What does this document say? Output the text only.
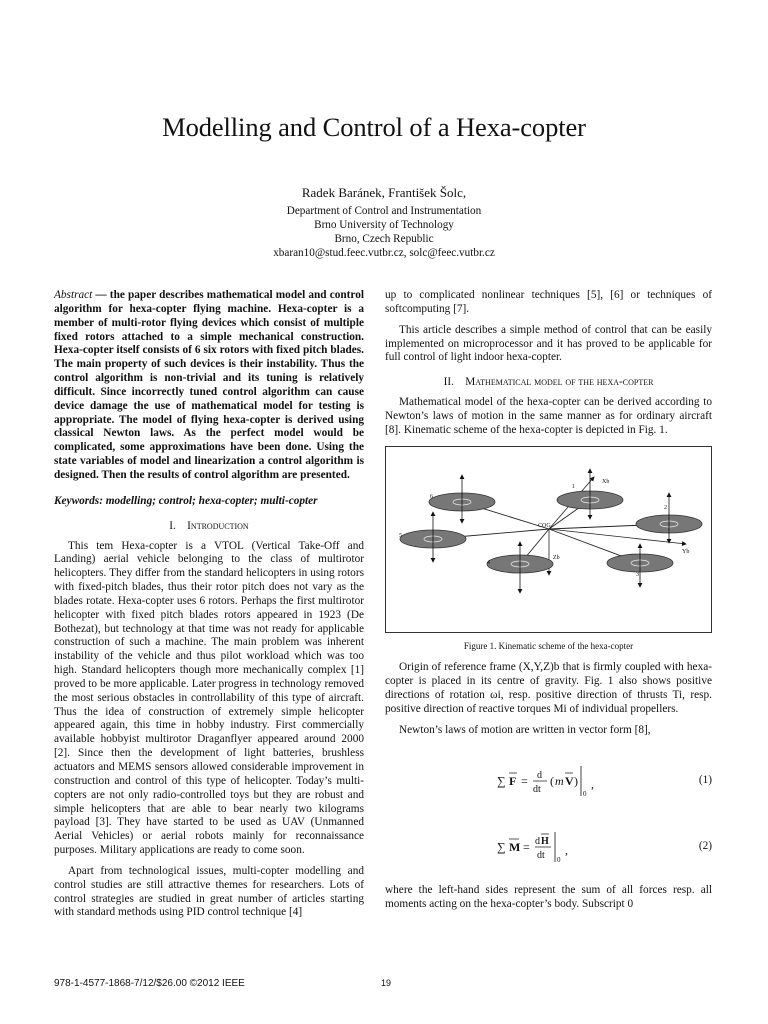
Modelling and Control of a Hexa-copter
Radek Baránek, František Šolc,
Department of Control and Instrumentation
Brno University of Technology
Brno, Czech Republic
xbaran10@stud.feec.vutbr.cz, solc@feec.vutbr.cz

Abstract — the paper describes mathematical model and control algorithm for hexa-copter flying machine. Hexa-copter is a member of multi-rotor flying devices which consist of multiple fixed rotors attached to a simple mechanical construction. Hexa-copter itself consists of 6 six rotors with fixed pitch blades. The main property of such devices is their instability. Thus the control algorithm is non-trivial and its tuning is relatively difficult. Since incorrectly tuned control algorithm can cause device damage the use of mathematical model for testing is appropriate. The model of flying hexa-copter is derived using classical Newton laws. As the perfect model would be complicated, some approximations have been done. Using the state variables of model and linearization a control algorithm is designed. Then the results of control algorithm are presented.

Keywords: modelling; control; hexa-copter; multi-copter

I. Introduction

This tem Hexa-copter is a VTOL (Vertical Take-Off and Landing) aerial vehicle belonging to the class of multirotor helicopters. They differ from the standard helicopters in using rotors with fixed-pitch blades, thus their rotor pitch does not vary as the blades rotate. Hexa-copter uses 6 rotors. Perhaps the first multirotor helicopter with fixed pitch blades rotors appeared in 1923 (De Bothezat), but technology at that time was not ready for applicable construction of such a machine. The main problem was inherent instability of the vehicle and thus pilot workload which was too high. Standard helicopters though more mechanically complex [1] proved to be more applicable. Later progress in technology removed the most serious obstacles in controllability of this type of aircraft. Thus the idea of construction of extremely simple helicopter appeared again, this time in hobby industry. First commercially available hobbyist multirotor Draganflyer appeared around 2000 [2]. Since then the development of light batteries, brushless actuators and MEMS sensors allowed considerable improvement in construction and control of this type of helicopter. Today’s multi-copters are not only radio-controlled toys but they are robust and simple helicopters that are able to bear nearly two kilograms payload [3]. They have started to be used as UAV (Unmanned Aerial Vehicles) or aerial robots mainly for reconnaissance purposes. Military applications are ready to come soon.

Apart from technological issues, multi-copter modelling and control studies are still attractive themes for researchers. Lots of control strategies are studied in great number of articles starting with standard methods using PID control technique [4]

up to complicated nonlinear techniques [5], [6] or techniques of softcomputing [7].

This article describes a simple method of control that can be easily implemented on microprocessor and it has proved to be applicable for full control of light indoor hexa-copter.

II. Mathematical model of the hexa-copter

Mathematical model of the hexa-copter can be derived according to Newton’s laws of motion in the same manner as for ordinary aircraft [8]. Kinematic scheme of the hexa-copter is depicted in Fig. 1.

1
2
3
4
5
6
COG
Xb
Yb
Zb

Figure 1. Kinematic scheme of the hexa-copter

Origin of reference frame (X,Y,Z)b that is firmly coupled with hexa-copter is placed in its centre of gravity. Fig. 1 also shows positive directions of rotation ωi, resp. positive direction of thrusts Ti, resp. positive direction of reactive torques Mi of individual propellers.

Newton’s laws of motion are written in vector form [8],

∑ F = d
dt
( m V )
0
,	(1)
∑ M = d H
dt 0
,	(2)

where the left-hand sides represent the sum of all forces resp. all moments acting on the hexa-copter’s body. Subscript 0

978-1-4577-1868-7/12/$26.00 ©2012 IEEE	19
